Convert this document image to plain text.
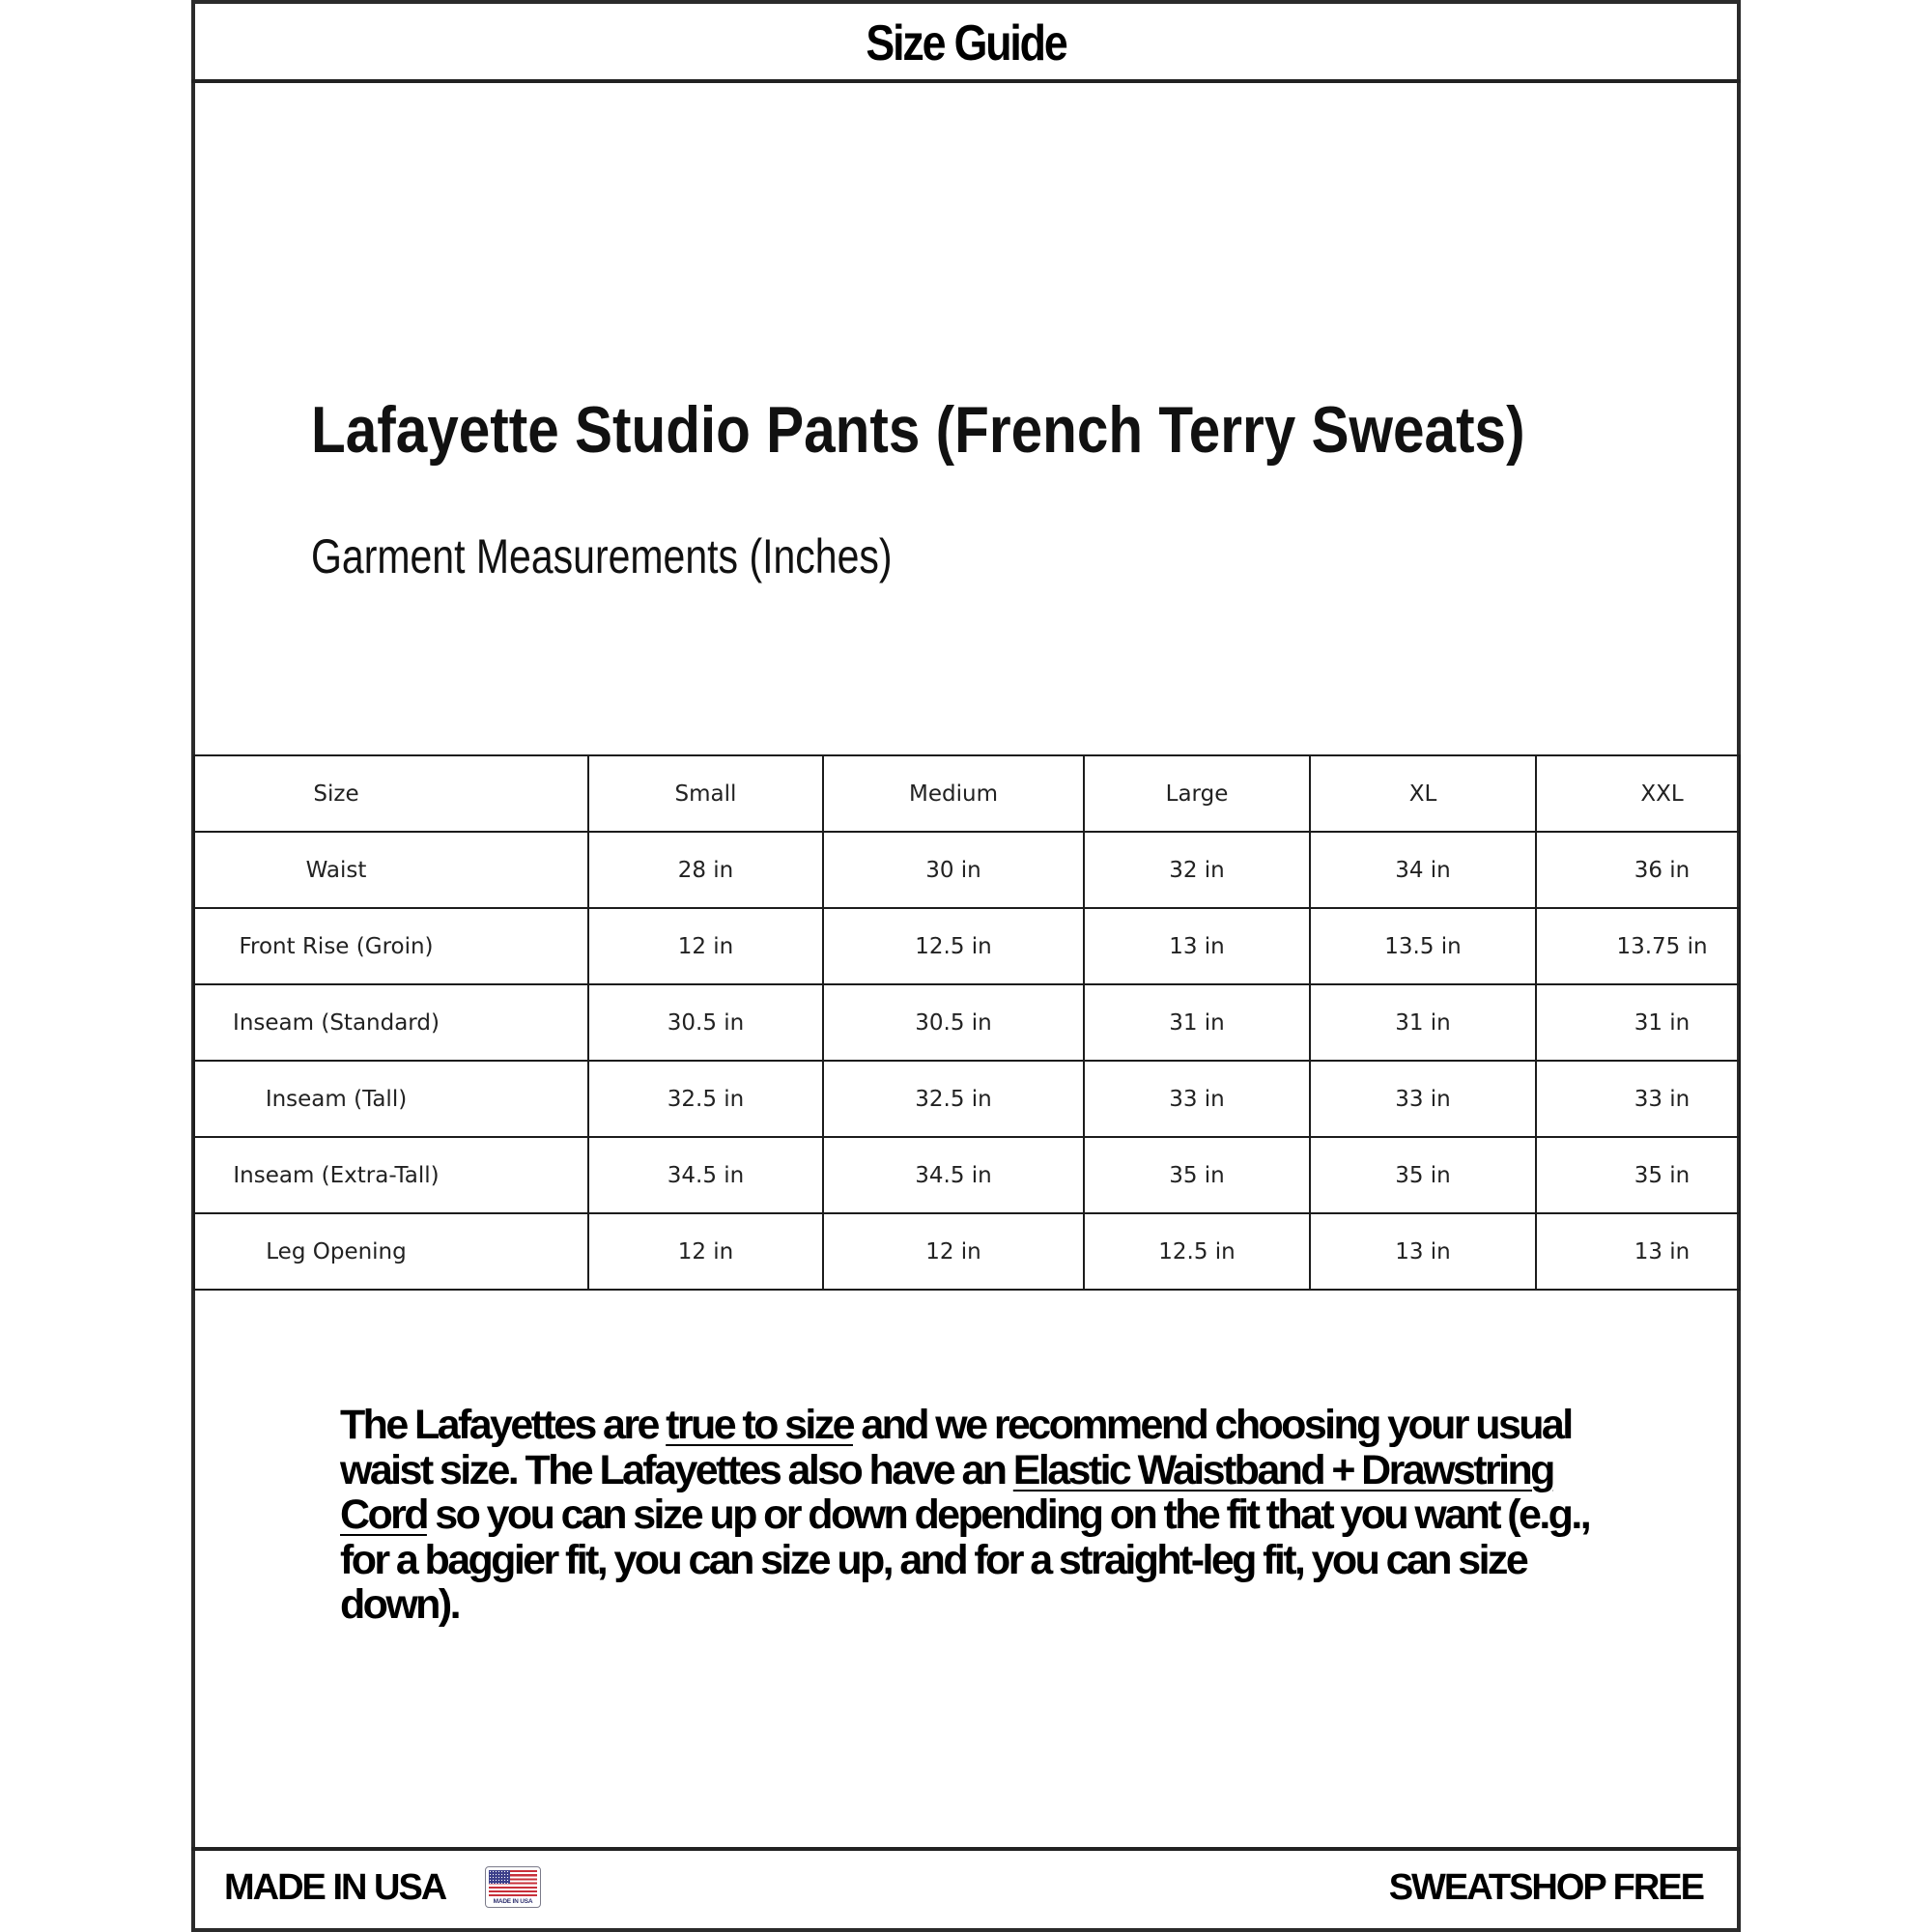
Size Guide
Lafayette Studio Pants (French Terry Sweats)
Garment Measurements (Inches)
Size	Small	Medium	Large	XL	XXL

Waist	28 in	30 in	32 in	34 in	36 in

Front Rise (Groin)	12 in	12.5 in	13 in	13.5 in	13.75 in

Inseam (Standard)	30.5 in	30.5 in	31 in	31 in	31 in

Inseam (Tall)	32.5 in	32.5 in	33 in	33 in	33 in

Inseam (Extra-Tall)	34.5 in	34.5 in	35 in	35 in	35 in

Leg Opening	12 in	12 in	12.5 in	13 in	13 in
The Lafayettes are true to size and we recommend choosing your usual waist size. The Lafayettes also have an Elastic Waistband + Drawstring Cord so you can size up or down depending on the fit that you want (e.g., for a baggier fit, you can size up, and for a straight-leg fit, you can size down).
MADE IN USA	MADE IN USA	SWEATSHOP FREE
